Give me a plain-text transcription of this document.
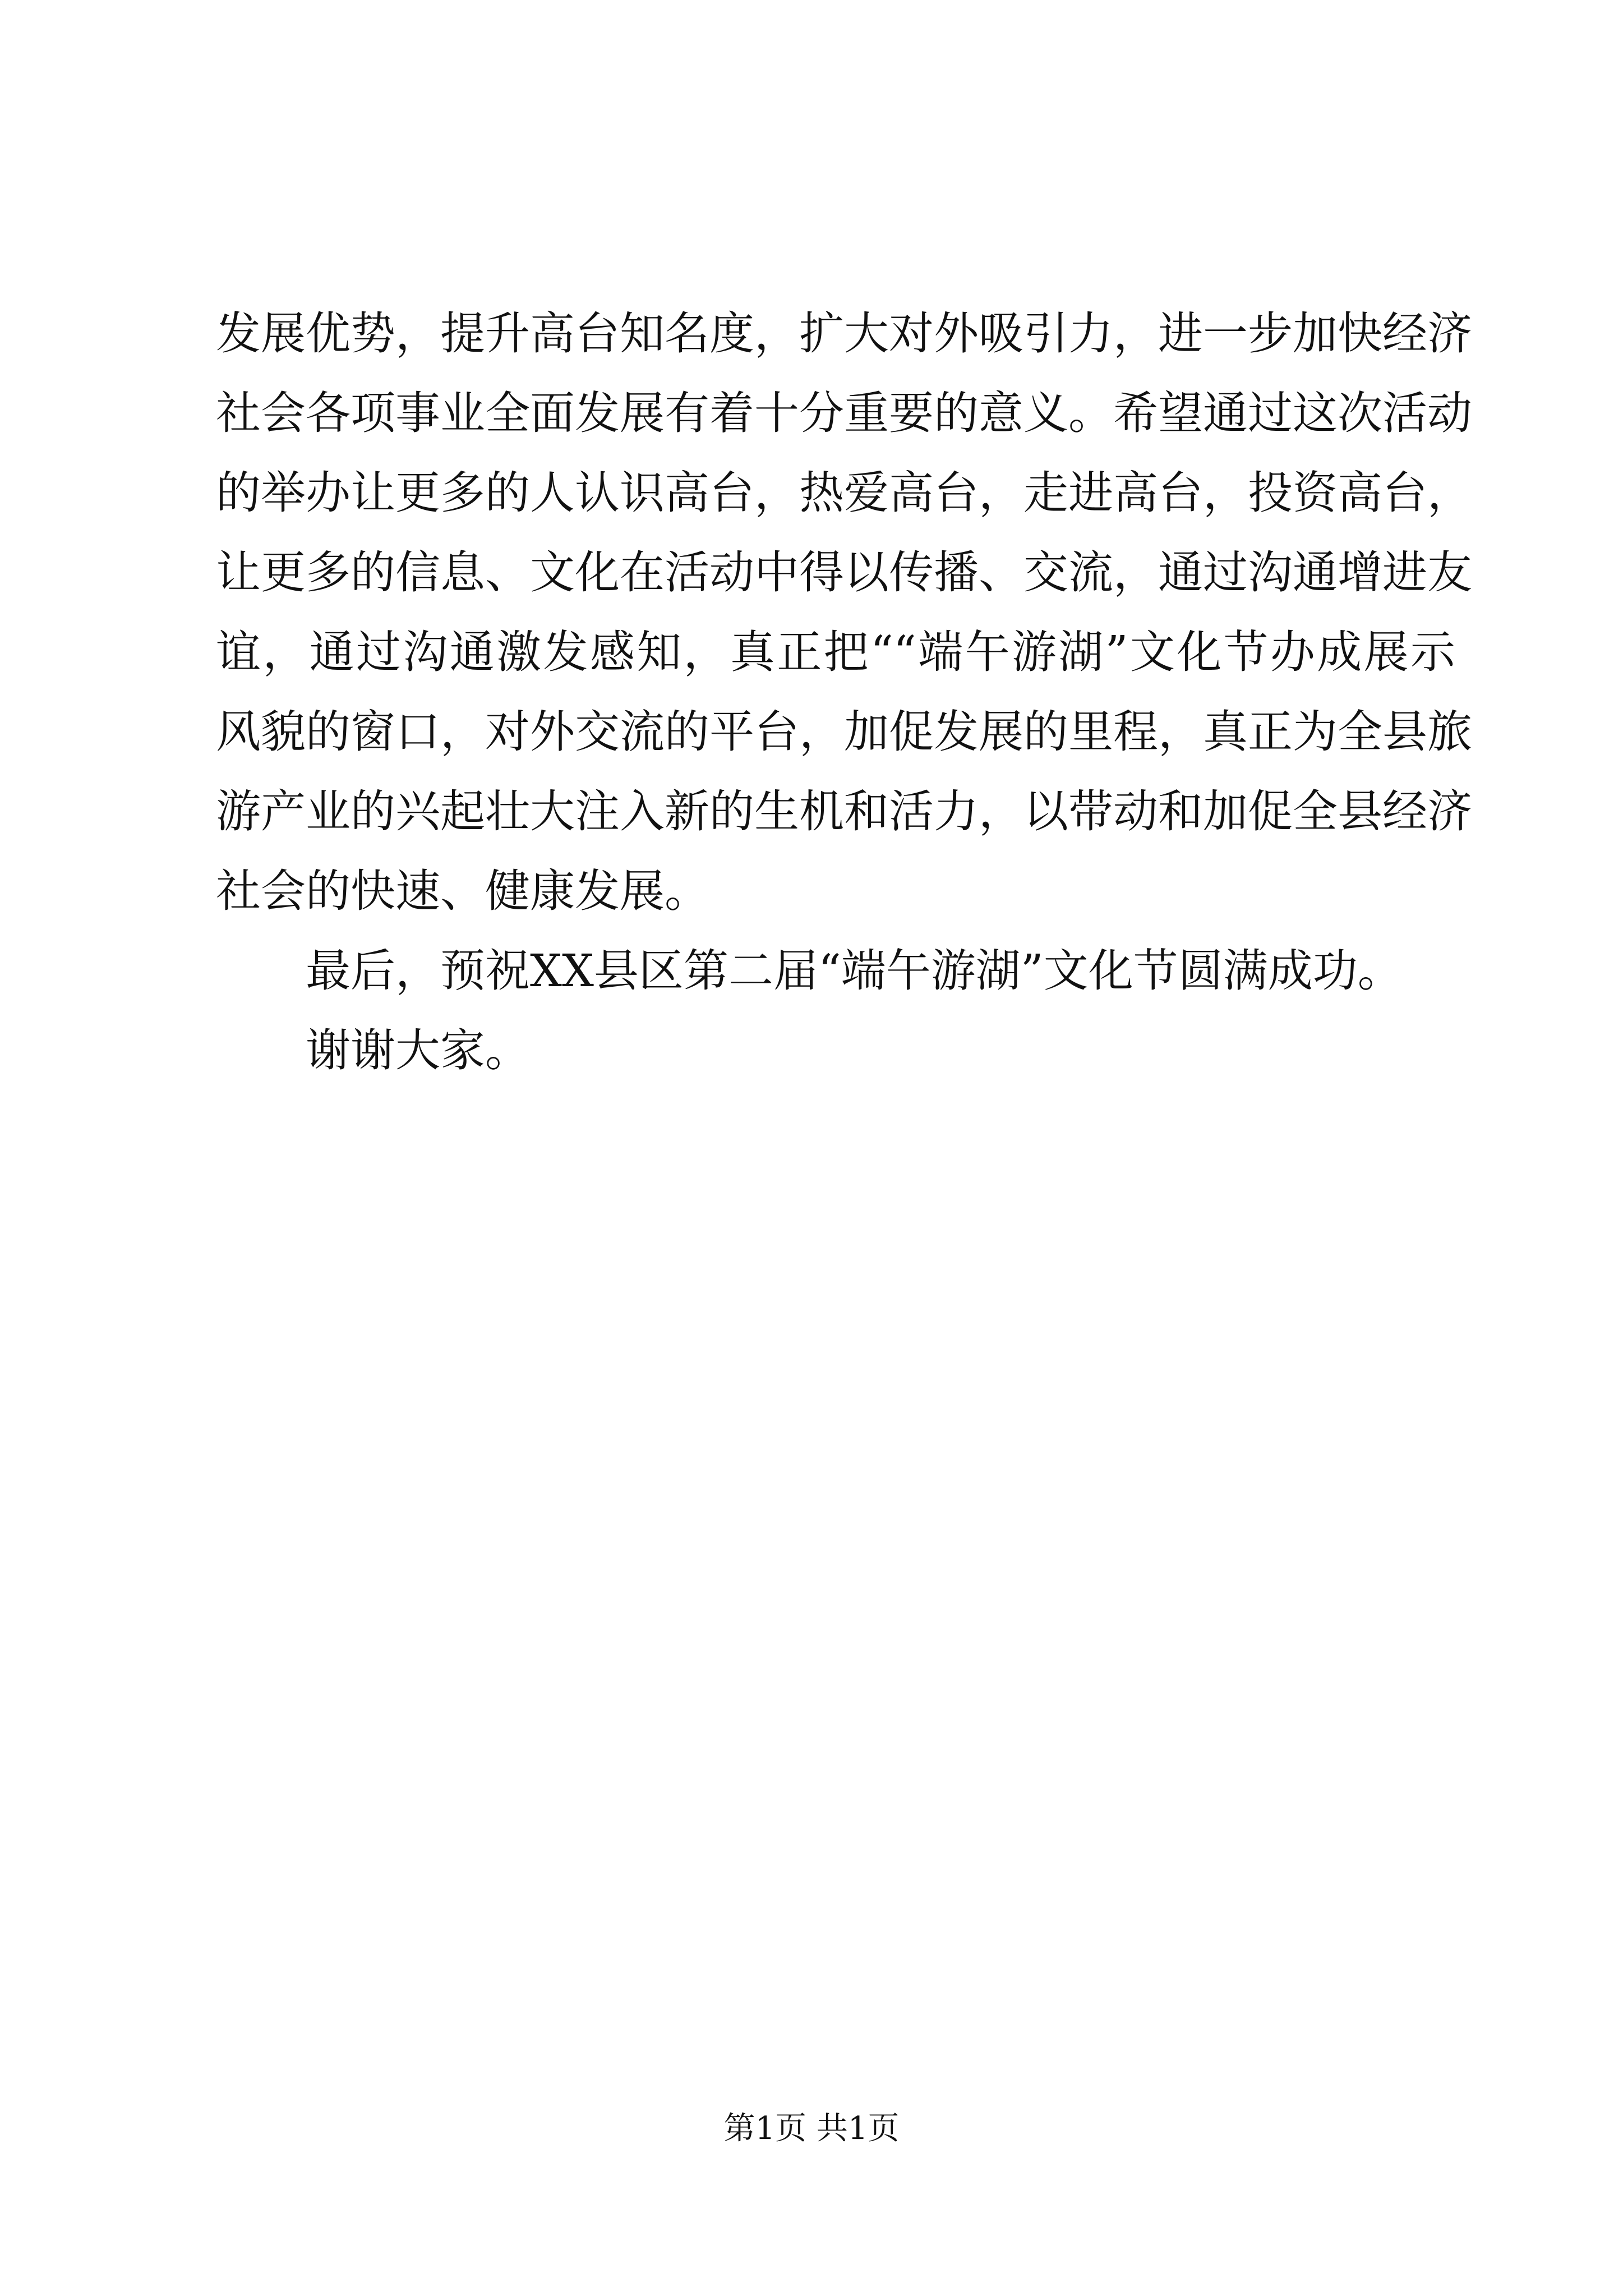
发展优势，提升高台知名度，扩大对外吸引力，进一步加快经济
社会各项事业全面发展有着十分重要的意义。希望通过这次活动
的举办让更多的人认识高台，热爱高台，走进高台，投资高台，
让更多的信息、文化在活动中得以传播、交流，通过沟通增进友
谊，通过沟通激发感知，真正把““端午游湖”文化节办成展示
风貌的窗口，对外交流的平台，加促发展的里程，真正为全县旅
游产业的兴起壮大注入新的生机和活力，以带动和加促全县经济
社会的快速、健康发展。
最后，预祝XX县区第二届“端午游湖”文化节圆满成功。
谢谢大家。
第1页 共1页
